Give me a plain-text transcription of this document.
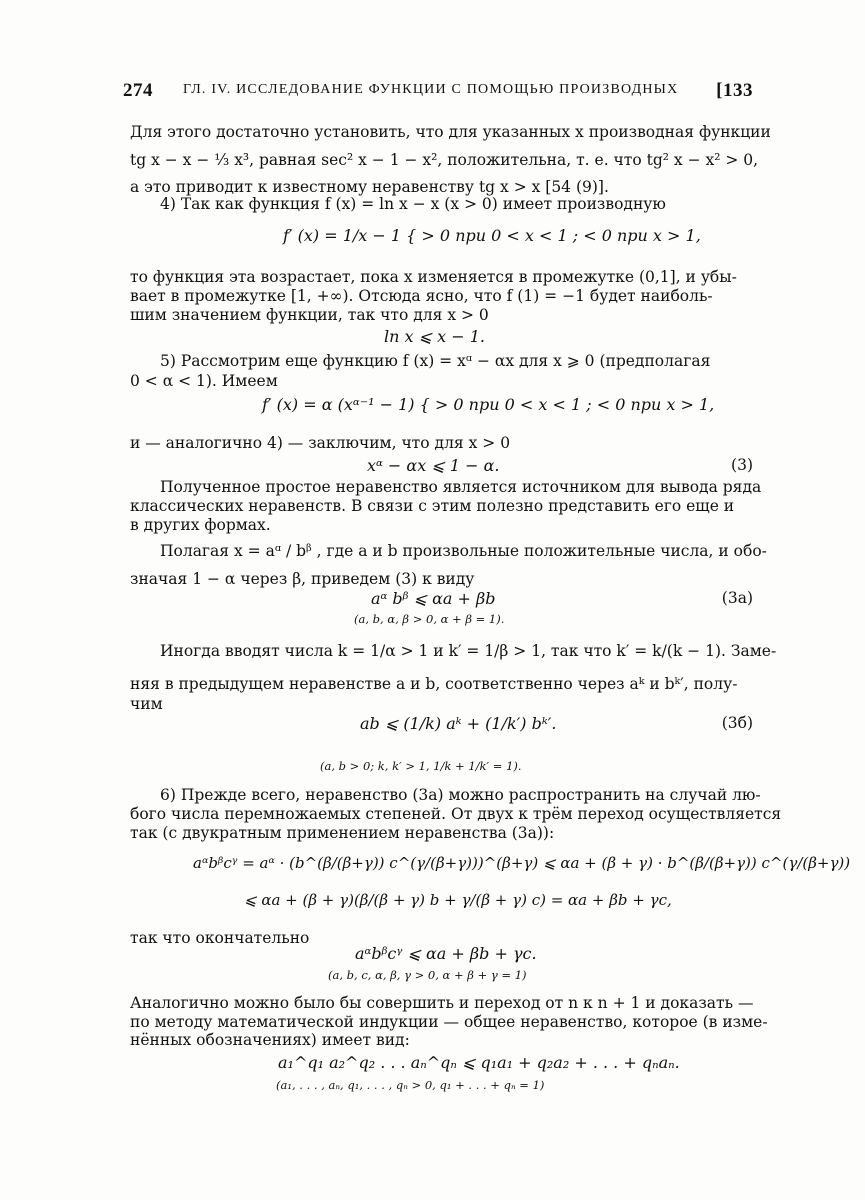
274 ГЛ. IV. ИССЛЕДОВАНИЕ ФУНКЦИИ С ПОМОЩЬЮ ПРОИЗВОДНЫХ [133
Для этого достаточно установить, что для указанных x производная функции
tg x − x − ⅓ x³, равная sec² x − 1 − x², положительна, т. е. что tg² x − x² > 0,
а это приводит к известному неравенству tg x > x [54 (9)].
4) Так как функция f (x) = ln x − x (x > 0) имеет производную
f′ (x) = 1/x − 1 { > 0 при 0 < x < 1 ; < 0 при x > 1,
то функция эта возрастает, пока x изменяется в промежутке (0,1], и убы-
вает в промежутке [1, +∞). Отсюда ясно, что f (1) = −1 будет наиболь-
шим значением функции, так что для x > 0
ln x ⩽ x − 1.
5) Рассмотрим еще функцию f (x) = xᵅ − αx для x ⩾ 0 (предполагая
0 < α < 1). Имеем
f′ (x) = α (xᵅ⁻¹ − 1) { > 0 при 0 < x < 1 ; < 0 при x > 1,
и — аналогично 4) — заключим, что для x > 0
xᵅ − αx ⩽ 1 − α.	(3)
Полученное простое неравенство является источником для вывода ряда
классических неравенств. В связи с этим полезно представить его еще и
в других формах.
Полагая x = aᵅ / bᵝ , где a и b произвольные положительные числа, и обо-
значая 1 − α через β, приведем (3) к виду
aᵅ bᵝ ⩽ αa + βb	(3а)
(a, b, α, β > 0, α + β = 1).
Иногда вводят числа k = 1/α > 1 и k′ = 1/β > 1, так что k′ = k/(k − 1). Заме-
няя в предыдущем неравенстве a и b, соответственно через aᵏ и bᵏ′, полу-
чим
ab ⩽ (1/k) aᵏ + (1/k′) bᵏ′.	(3б)
(a, b > 0; k, k′ > 1, 1/k + 1/k′ = 1).
6) Прежде всего, неравенство (3а) можно распространить на случай лю-
бого числа перемножаемых степеней. От двух к трём переход осуществляется
так (с двукратным применением неравенства (3а)):
aᵅbᵝcᵞ = aᵅ · (b^(β/(β+γ)) c^(γ/(β+γ)))^(β+γ) ⩽ αa + (β + γ) · b^(β/(β+γ)) c^(γ/(β+γ))
⩽ αa + (β + γ)(β/(β + γ) b + γ/(β + γ) c) = αa + βb + γc,
так что окончательно
aᵅbᵝcᵞ ⩽ αa + βb + γc.
(a, b, c, α, β, γ > 0, α + β + γ = 1)
Аналогично можно было бы совершить и переход от n к n + 1 и доказать —
по методу математической индукции — общее неравенство, которое (в изме-
нённых обозначениях) имеет вид:
a₁^q₁ a₂^q₂ . . . aₙ^qₙ ⩽ q₁a₁ + q₂a₂ + . . . + qₙaₙ.
(a₁, . . . , aₙ, q₁, . . . , qₙ > 0, q₁ + . . . + qₙ = 1)
